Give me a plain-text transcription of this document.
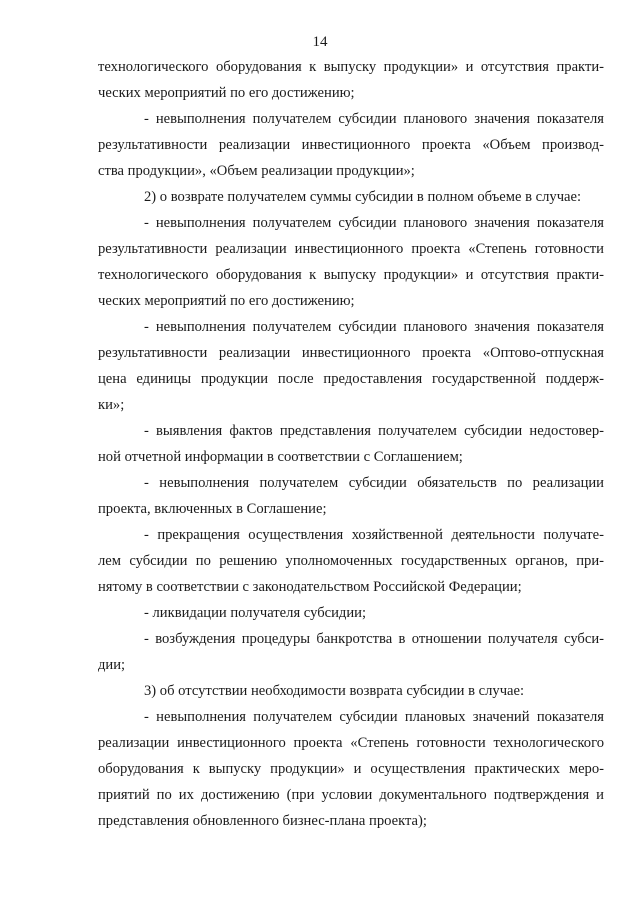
14
технологического оборудования к выпуску продукции» и отсутствия практи-
ческих мероприятий по его достижению;
- невыполнения получателем субсидии планового значения показателя
результативности реализации инвестиционного проекта «Объем производ-
ства продукции», «Объем реализации продукции»;
2) о возврате получателем суммы субсидии в полном объеме в случае:
- невыполнения получателем субсидии планового значения показателя
результативности реализации инвестиционного проекта «Степень готовности
технологического оборудования к выпуску продукции» и отсутствия практи-
ческих мероприятий по его достижению;
- невыполнения получателем субсидии планового значения показателя
результативности реализации инвестиционного проекта «Оптово-отпускная
цена единицы продукции после предоставления государственной поддерж-
ки»;
- выявления фактов представления получателем субсидии недостовер-
ной отчетной информации в соответствии с Соглашением;
- невыполнения получателем субсидии обязательств по реализации
проекта, включенных в Соглашение;
- прекращения осуществления хозяйственной деятельности получате-
лем субсидии по решению уполномоченных государственных органов, при-
нятому в соответствии с законодательством Российской Федерации;
- ликвидации получателя субсидии;
- возбуждения процедуры банкротства в отношении получателя субси-
дии;
3) об отсутствии необходимости возврата субсидии в случае:
- невыполнения получателем субсидии плановых значений показателя
реализации инвестиционного проекта «Степень готовности технологического
оборудования к выпуску продукции» и осуществления практических меро-
приятий по их достижению (при условии документального подтверждения и
представления обновленного бизнес-плана проекта);
